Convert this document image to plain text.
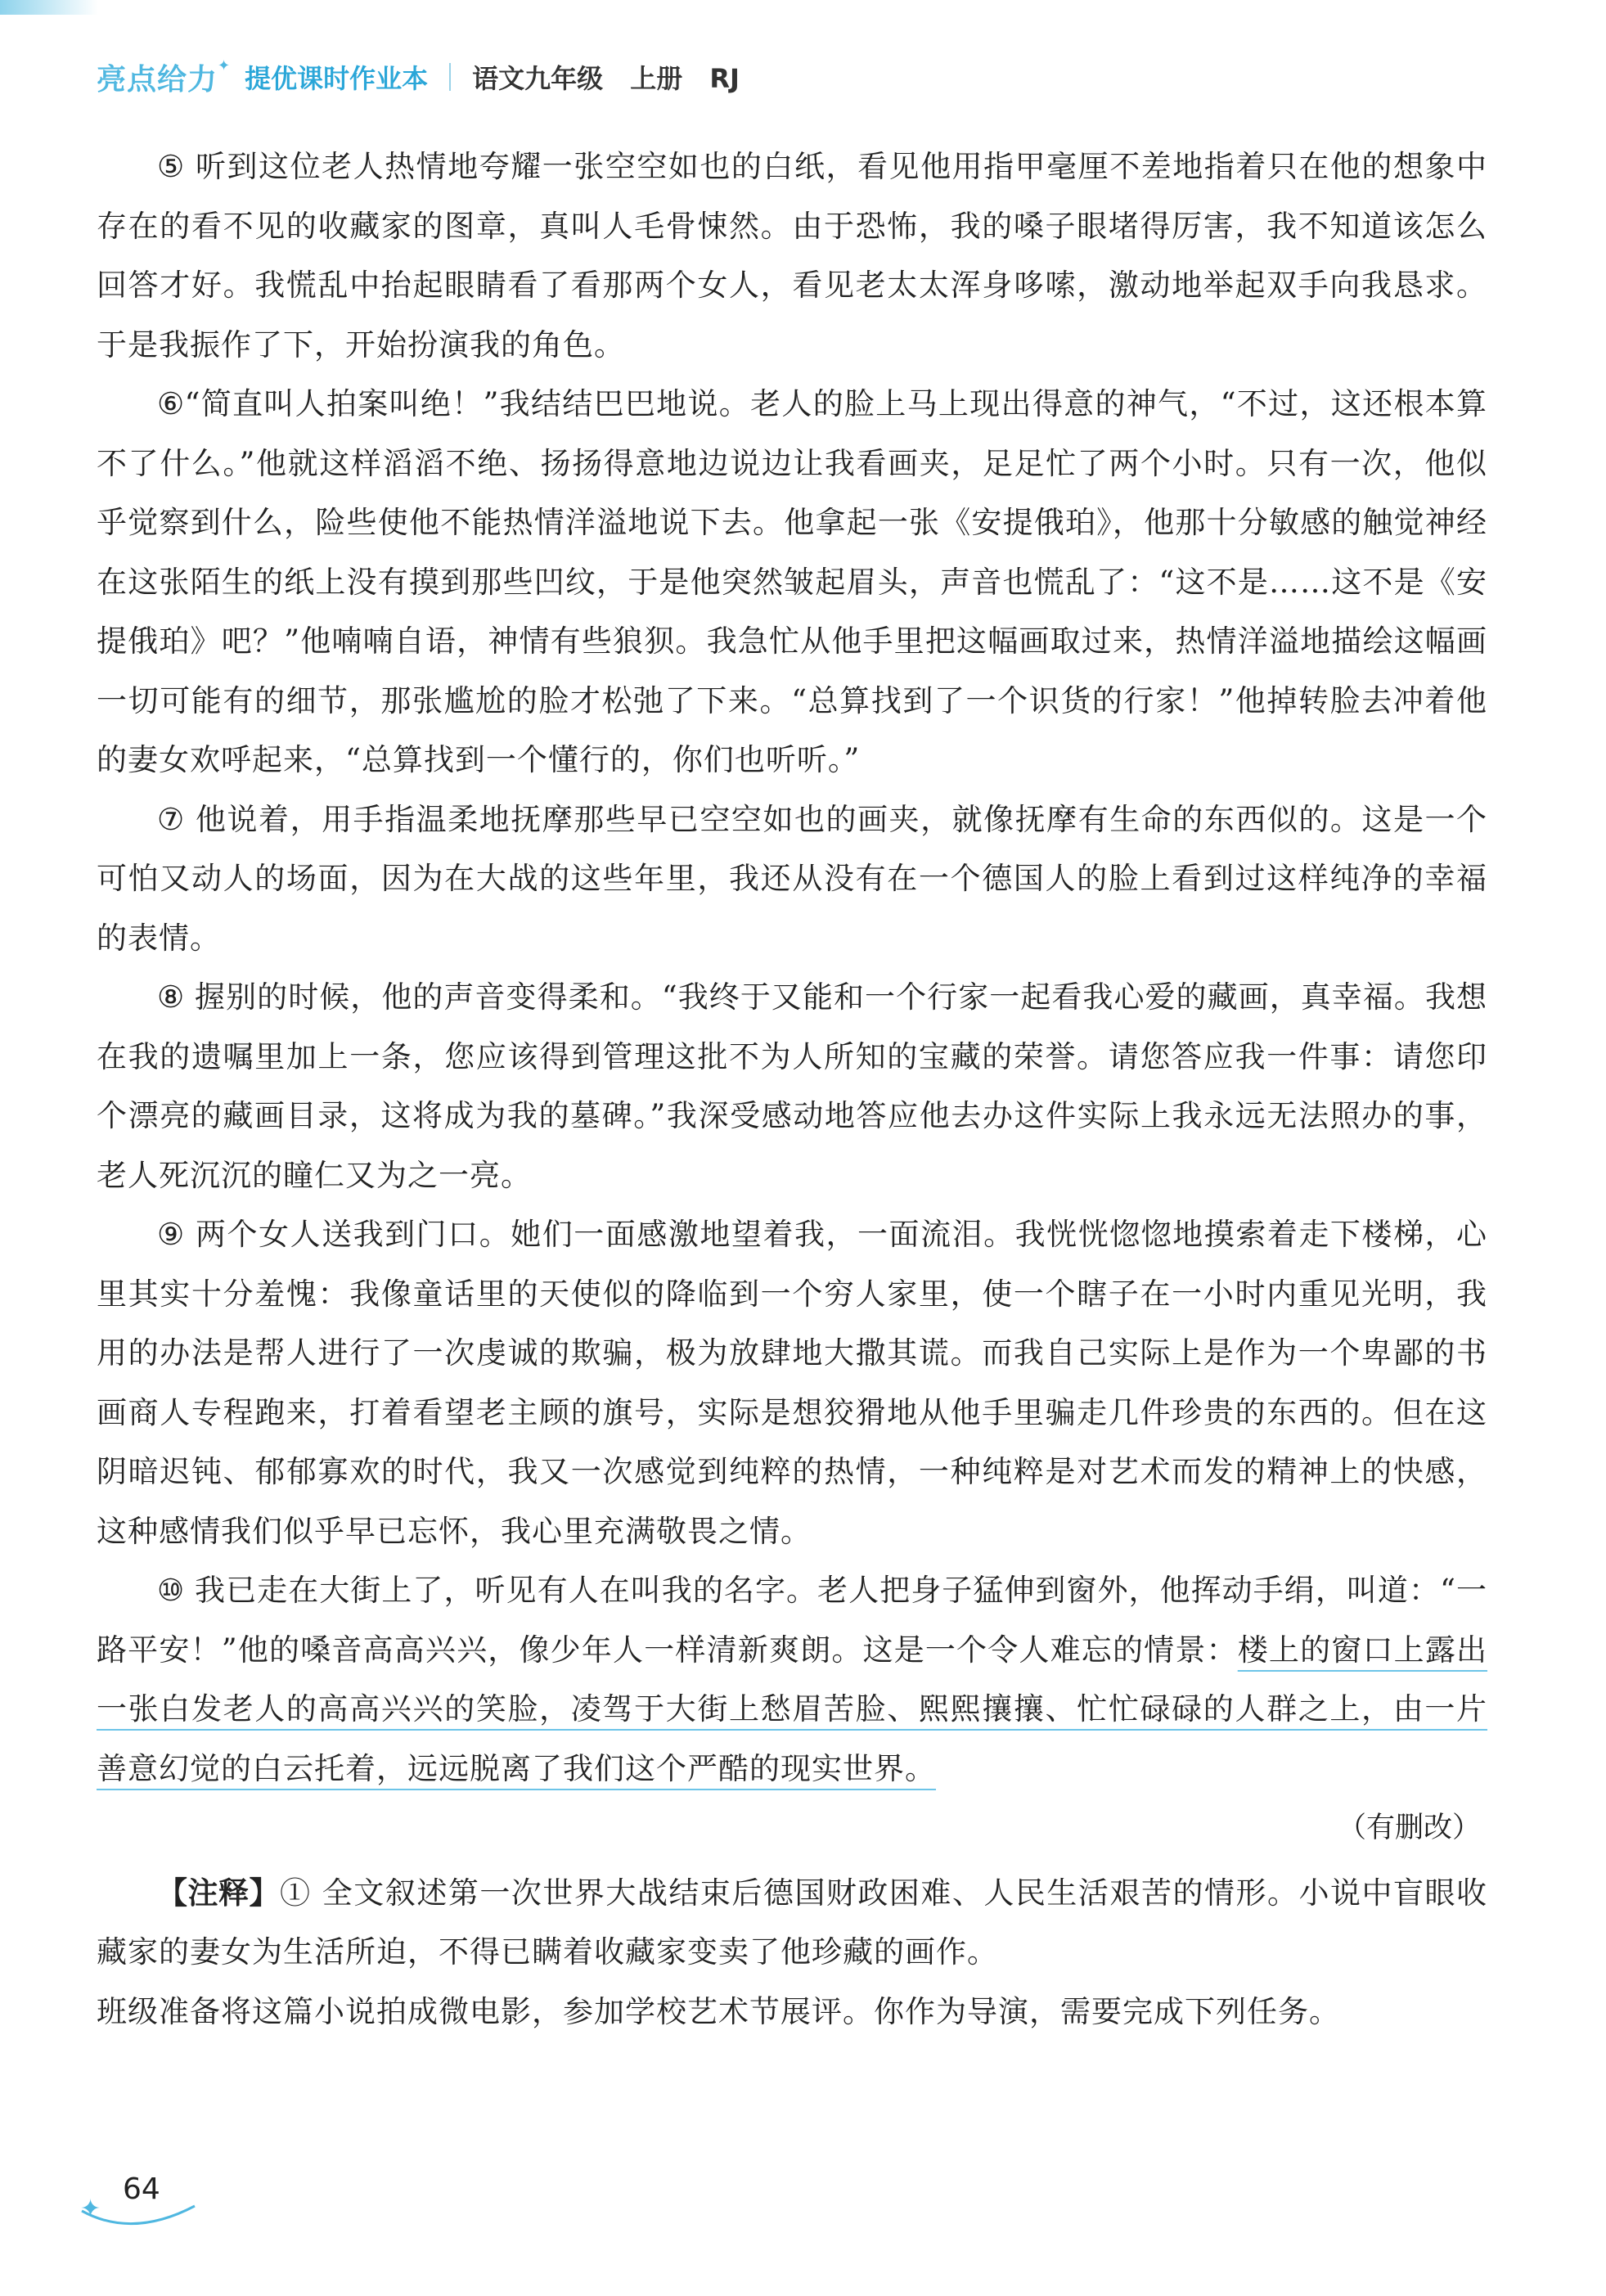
亮点给力 ✦ 提优课时作业本 语文九年级 上册 RJ

⑤ 听到这位老人热情地夸耀一张空空如也的白纸，看见他用指甲毫厘不差地指着只在他的想象中存在的看不见的收藏家的图章，真叫人毛骨悚然。由于恐怖，我的嗓子眼堵得厉害，我不知道该怎么回答才好。我慌乱中抬起眼睛看了看那两个女人，看见老太太浑身哆嗦，激动地举起双手向我恳求。于是我振作了下，开始扮演我的角色。

⑥“简直叫人拍案叫绝！”我结结巴巴地说。老人的脸上马上现出得意的神气，“不过，这还根本算不了什么。”他就这样滔滔不绝、扬扬得意地边说边让我看画夹，足足忙了两个小时。只有一次，他似乎觉察到什么，险些使他不能热情洋溢地说下去。他拿起一张《安提俄珀》，他那十分敏感的触觉神经在这张陌生的纸上没有摸到那些凹纹，于是他突然皱起眉头，声音也慌乱了：“这不是……这不是《安提俄珀》吧？”他喃喃自语，神情有些狼狈。我急忙从他手里把这幅画取过来，热情洋溢地描绘这幅画一切可能有的细节，那张尴尬的脸才松弛了下来。“总算找到了一个识货的行家！”他掉转脸去冲着他的妻女欢呼起来，“总算找到一个懂行的，你们也听听。”

⑦ 他说着，用手指温柔地抚摩那些早已空空如也的画夹，就像抚摩有生命的东西似的。这是一个可怕又动人的场面，因为在大战的这些年里，我还从没有在一个德国人的脸上看到过这样纯净的幸福的表情。

⑧ 握别的时候，他的声音变得柔和。“我终于又能和一个行家一起看我心爱的藏画，真幸福。我想在我的遗嘱里加上一条，您应该得到管理这批不为人所知的宝藏的荣誉。请您答应我一件事：请您印个漂亮的藏画目录，这将成为我的墓碑。”我深受感动地答应他去办这件实际上我永远无法照办的事，老人死沉沉的瞳仁又为之一亮。

⑨ 两个女人送我到门口。她们一面感激地望着我，一面流泪。我恍恍惚惚地摸索着走下楼梯，心里其实十分羞愧：我像童话里的天使似的降临到一个穷人家里，使一个瞎子在一小时内重见光明，我用的办法是帮人进行了一次虔诚的欺骗，极为放肆地大撒其谎。而我自己实际上是作为一个卑鄙的书画商人专程跑来，打着看望老主顾的旗号，实际是想狡猾地从他手里骗走几件珍贵的东西的。但在这阴暗迟钝、郁郁寡欢的时代，我又一次感觉到纯粹的热情，一种纯粹是对艺术而发的精神上的快感，这种感情我们似乎早已忘怀，我心里充满敬畏之情。

⑩ 我已走在大街上了，听见有人在叫我的名字。老人把身子猛伸到窗外，他挥动手绢，叫道：“一路平安！”他的嗓音高高兴兴，像少年人一样清新爽朗。这是一个令人难忘的情景：楼上的窗口上露出一张白发老人的高高兴兴的笑脸，凌驾于大街上愁眉苦脸、熙熙攘攘、忙忙碌碌的人群之上，由一片善意幻觉的白云托着，远远脱离了我们这个严酷的现实世界。

（有删改）

【注释】① 全文叙述第一次世界大战结束后德国财政困难、人民生活艰苦的情形。小说中盲眼收藏家的妻女为生活所迫，不得已瞒着收藏家变卖了他珍藏的画作。

班级准备将这篇小说拍成微电影，参加学校艺术节展评。你作为导演，需要完成下列任务。

✦
64
